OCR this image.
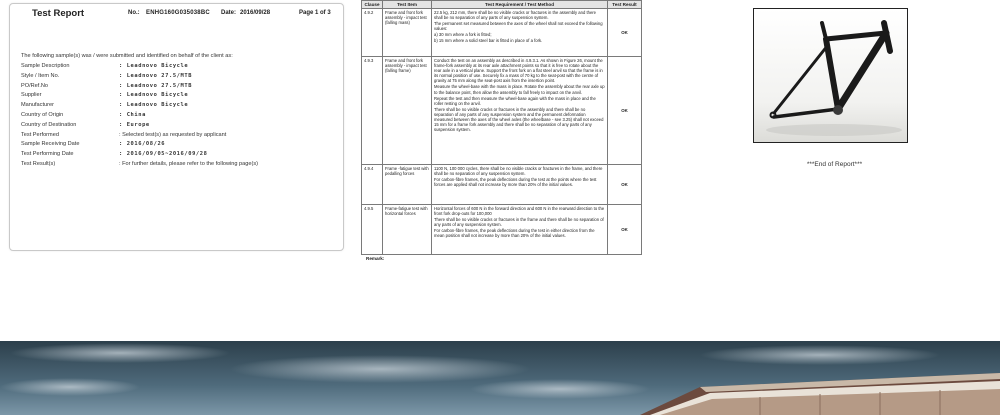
Test Report	No.: ENHG160G035038BC Date: 2016/09/28	Page 1 of 3
The following sample(s) was / were submitted and identified on behalf of the client as:
Sample Description	: Leadnovo Bicycle
Style / Item No.	: Leadnovo 27.5/MTB
PO/Ref.No	: Leadnovo 27.5/MTB
Supplier	: Leadnovo Bicycle
Manufacturer	: Leadnovo Bicycle
Country of Origin	: China
Country of Destination	: Europe
Test Performed	: Selected test(s) as requested by applicant
Sample Receiving Date	: 2016/08/26
Test Performing Date	: 2016/09/05~2016/09/28
Test Result(s)	: For further details, please refer to the following page(s)
Clause	Test Item	Test Requirement / Test Method	Test Result
4.9.2	Frame and front fork assembly - impact test (falling mass)	22.5 kg, 212 mm, there shall be no visible cracks or fractures in the assembly and there shall be no separation of any parts of any suspension system.

The permanent set measured between the axes of the wheel shall not exceed the following values:

a) 30 mm where a fork is fitted;

b) 15 mm where a solid steel bar is fitted in place of a fork.	OK
4.9.3	Frame and front fork assembly - impact test (falling frame)	Conduct the test on an assembly as described in 4.9.3.1. As shown in Figure 26, mount the frame-fork assembly at its rear axle attachment points so that it is free to rotate about the rear axle in a vertical plane. Support the front fork on a flat steel anvil so that the frame is in its normal position of use. Securely fix a mass of 70 kg to the seat-post with the centre of gravity at 75 mm along the seat-post axis from the insertion point.

Measure the wheel-base with the mass in place. Rotate the assembly about the rear axle up to the balance point, then allow the assembly to fall freely to impact on the anvil.

Repeat the test and then measure the wheel-base again with the mass in place and the roller resting on the anvil.

There shall be no visible cracks or fractures in the assembly and there shall be no separation of any parts of any suspension system and the permanent deformation measured between the axes of the wheel axles (the wheelbase - see 3.25) shall not exceed 15 mm for a frame fork assembly and there shall be no separation of any parts of any suspension system.	OK
4.9.4	Frame -fatigue test with pedalling forces	1100 N, 100 000 cycles, there shall be no visible cracks or fractures in the frame, and there shall be no separation of any suspension system.

For carbon-fibre frames, the peak deflections during the test at the points where the test forces are applied shall not increase by more than 20% of the initial values.	OK
4.9.5	Frame-fatigue test with horizontal forces	Horizontal forces of 600 N in the forward direction and 600 N in the rearward direction to the front fork drop-outs for 100,000

There shall be no visible cracks or fractures in the frame and there shall be no separation of any parts of any suspension system.

For carbon-fibre frames, the peak deflections during the test in either direction from the mean position shall not increase by more than 20% of the initial values.	OK
Remark:
***End of Report***
